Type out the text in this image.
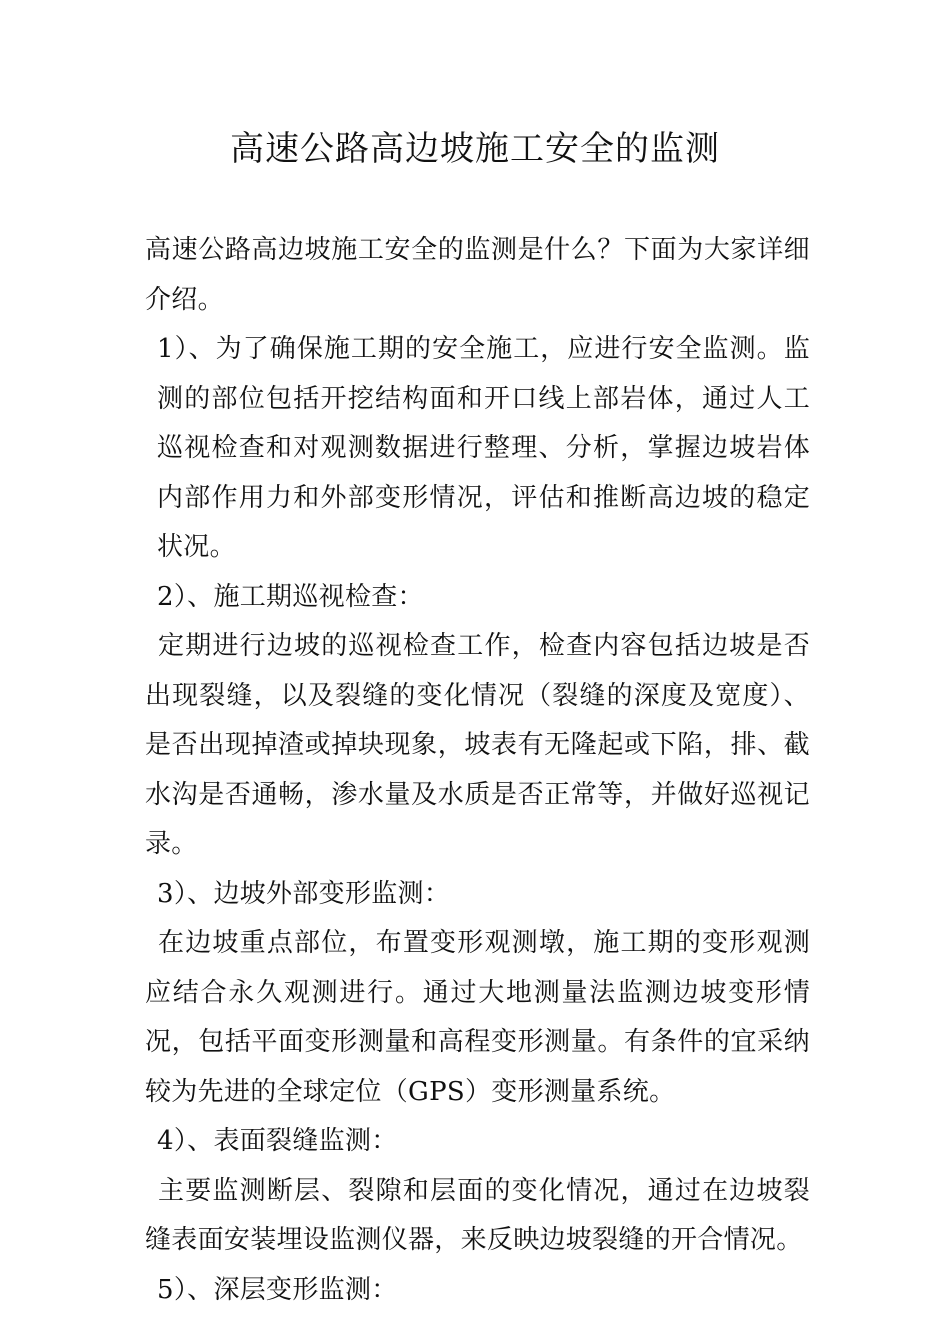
高速公路高边坡施工安全的监测

高速公路高边坡施工安全的监测是什么？下面为大家详细介绍。

1）、为了确保施工期的安全施工，应进行安全监测。监测的部位包括开挖结构面和开口线上部岩体，通过人工巡视检查和对观测数据进行整理、分析，掌握边坡岩体内部作用力和外部变形情况，评估和推断高边坡的稳定状况。

2）、施工期巡视检查：

定期进行边坡的巡视检查工作，检查内容包括边坡是否出现裂缝，以及裂缝的变化情况（裂缝的深度及宽度）、是否出现掉渣或掉块现象，坡表有无隆起或下陷，排、截水沟是否通畅，渗水量及水质是否正常等，并做好巡视记录。

3）、边坡外部变形监测：

在边坡重点部位，布置变形观测墩，施工期的变形观测应结合永久观测进行。通过大地测量法监测边坡变形情况，包括平面变形测量和高程变形测量。有条件的宜采纳较为先进的全球定位（GPS）变形测量系统。

4）、表面裂缝监测：

主要监测断层、裂隙和层面的变化情况，通过在边坡裂缝表面安装埋设监测仪器，来反映边坡裂缝的开合情况。

5）、深层变形监测：
